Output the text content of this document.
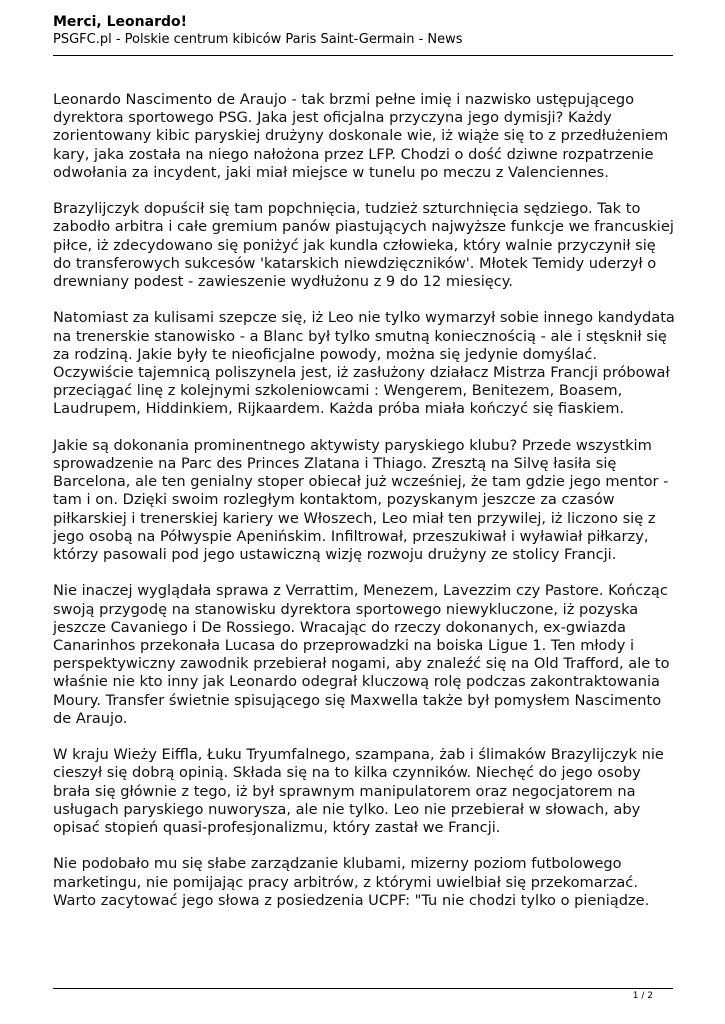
Merci, Leonardo!
PSGFC.pl - Polskie centrum kibiców Paris Saint-Germain - News

Leonardo Nascimento de Araujo - tak brzmi pełne imię i nazwisko ustępującego dyrektora sportowego PSG. Jaka jest oficjalna przyczyna jego dymisji? Każdy zorientowany kibic paryskiej drużyny doskonale wie, iż wiąże się to z przedłużeniem kary, jaka została na niego nałożona przez LFP. Chodzi o dość dziwne rozpatrzenie odwołania za incydent, jaki miał miejsce w tunelu po meczu z Valenciennes.

Brazylijczyk dopuścił się tam popchnięcia, tudzież szturchnięcia sędziego. Tak to zabodło arbitra i całe gremium panów piastujących najwyższe funkcje we francuskiej piłce, iż zdecydowano się poniżyć jak kundla człowieka, który walnie przyczynił się do transferowych sukcesów 'katarskich niewdzięczników'. Młotek Temidy uderzył o drewniany podest - zawieszenie wydłużonu z 9 do 12 miesięcy.

Natomiast za kulisami szepcze się, iż Leo nie tylko wymarzył sobie innego kandydata na trenerskie stanowisko - a Blanc był tylko smutną koniecznością - ale i stęsknił się za rodziną. Jakie były te nieoficjalne powody, można się jedynie domyślać. Oczywiście tajemnicą poliszynela jest, iż zasłużony działacz Mistrza Francji próbował przeciągać linę z kolejnymi szkoleniowcami : Wengerem, Benitezem, Boasem, Laudrupem, Hiddinkiem, Rijkaardem. Każda próba miała kończyć się fiaskiem.

Jakie są dokonania prominentnego aktywisty paryskiego klubu? Przede wszystkim sprowadzenie na Parc des Princes Zlatana i Thiago. Zresztą na Silvę łasiła się Barcelona, ale ten genialny stoper obiecał już wcześniej, że tam gdzie jego mentor - tam i on. Dzięki swoim rozległym kontaktom, pozyskanym jeszcze za czasów piłkarskiej i trenerskiej kariery we Włoszech, Leo miał ten przywilej, iż liczono się z jego osobą na Półwyspie Apenińskim. Infiltrował, przeszukiwał i wyławiał piłkarzy, którzy pasowali pod jego ustawiczną wizję rozwoju drużyny ze stolicy Francji.

Nie inaczej wyglądała sprawa z Verrattim, Menezem, Lavezzim czy Pastore. Kończąc swoją przygodę na stanowisku dyrektora sportowego niewykluczone, iż pozyska jeszcze Cavaniego i De Rossiego. Wracając do rzeczy dokonanych, ex-gwiazda Canarinhos przekonała Lucasa do przeprowadzki na boiska Ligue 1. Ten młody i perspektywiczny zawodnik przebierał nogami, aby znaleźć się na Old Trafford, ale to właśnie nie kto inny jak Leonardo odegrał kluczową rolę podczas zakontraktowania Moury. Transfer świetnie spisującego się Maxwella także był pomysłem Nascimento de Araujo.

W kraju Wieży Eiffla, Łuku Tryumfalnego, szampana, żab i ślimaków Brazylijczyk nie cieszył się dobrą opinią. Składa się na to kilka czynników. Niechęć do jego osoby brała się głównie z tego, iż był sprawnym manipulatorem oraz negocjatorem na usługach paryskiego nuworysza, ale nie tylko. Leo nie przebierał w słowach, aby opisać stopień quasi-profesjonalizmu, który zastał we Francji.

Nie podobało mu się słabe zarządzanie klubami, mizerny poziom futbolowego marketingu, nie pomijając pracy arbitrów, z którymi uwielbiał się przekomarzać. Warto zacytować jego słowa z posiedzenia UCPF: "Tu nie chodzi tylko o pieniądze.

1 / 2
